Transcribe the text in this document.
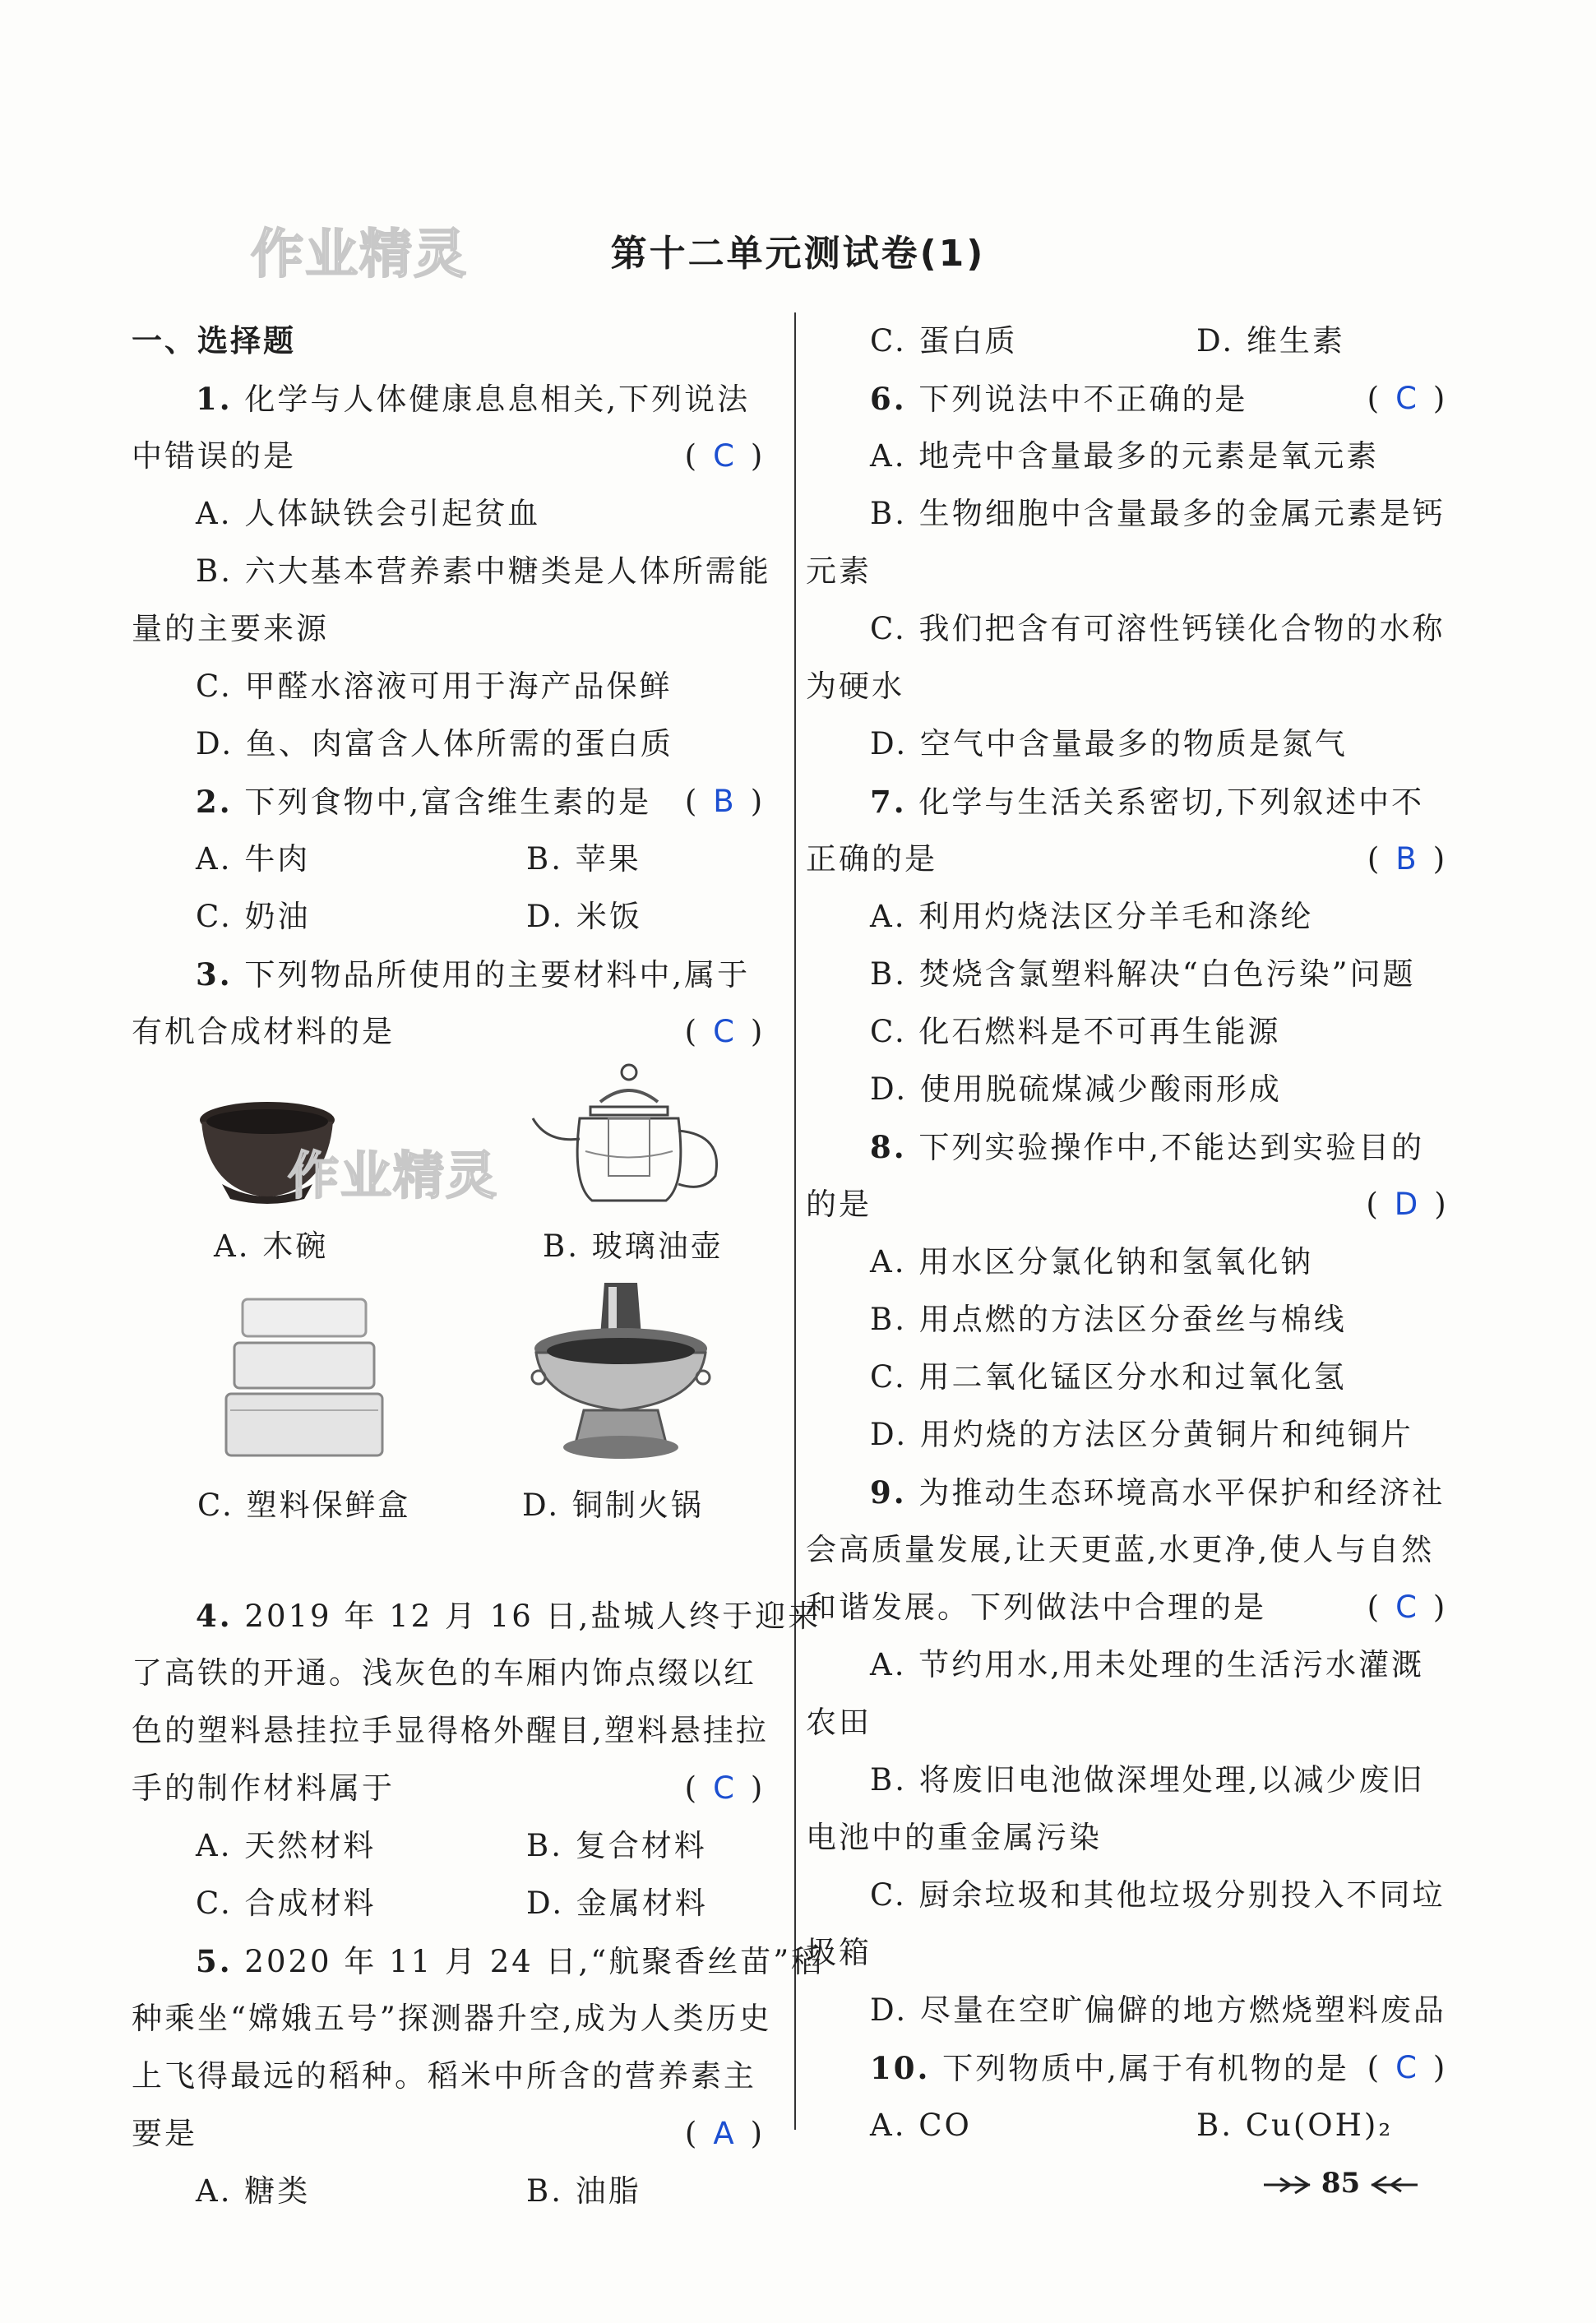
作业精灵	第十二单元测试卷(1)
一、选择题
1. 化学与人体健康息息相关,下列说法
中错误的是	( C )
A. 人体缺铁会引起贫血
B. 六大基本营养素中糖类是人体所需能
量的主要来源
C. 甲醛水溶液可用于海产品保鲜
D. 鱼、肉富含人体所需的蛋白质
2. 下列食物中,富含维生素的是	( B )
A. 牛肉	B. 苹果
C. 奶油	D. 米饭
3. 下列物品所使用的主要材料中,属于
有机合成材料的是	( C )
A. 木碗
作业精灵
B. 玻璃油壶
C. 塑料保鲜盒	D. 铜制火锅
4. 2019 年 12 月 16 日,盐城人终于迎来
了高铁的开通。浅灰色的车厢内饰点缀以红
色的塑料悬挂拉手显得格外醒目,塑料悬挂拉
手的制作材料属于	( C )
A. 天然材料	B. 复合材料
C. 合成材料	D. 金属材料
5. 2020 年 11 月 24 日,“航聚香丝苗”稻
种乘坐“嫦娥五号”探测器升空,成为人类历史
上飞得最远的稻种。稻米中所含的营养素主
要是	( A )
A. 糖类	B. 油脂
C. 蛋白质	D. 维生素
6. 下列说法中不正确的是	( C )
A. 地壳中含量最多的元素是氧元素
B. 生物细胞中含量最多的金属元素是钙
元素
C. 我们把含有可溶性钙镁化合物的水称
为硬水
D. 空气中含量最多的物质是氮气
7. 化学与生活关系密切,下列叙述中不
正确的是	( B )
A. 利用灼烧法区分羊毛和涤纶
B. 焚烧含氯塑料解决“白色污染”问题
C. 化石燃料是不可再生能源
D. 使用脱硫煤减少酸雨形成
8. 下列实验操作中,不能达到实验目的
的是	( D )
A. 用水区分氯化钠和氢氧化钠
B. 用点燃的方法区分蚕丝与棉线
C. 用二氧化锰区分水和过氧化氢
D. 用灼烧的方法区分黄铜片和纯铜片
9. 为推动生态环境高水平保护和经济社
会高质量发展,让天更蓝,水更净,使人与自然
和谐发展。下列做法中合理的是	( C )
A. 节约用水,用未处理的生活污水灌溉
农田
B. 将废旧电池做深埋处理,以减少废旧
电池中的重金属污染
C. 厨余垃圾和其他垃圾分别投入不同垃
圾箱
D. 尽量在空旷偏僻的地方燃烧塑料废品
10. 下列物质中,属于有机物的是 ( C )
A. CO	B. Cu(OH)₂
85
